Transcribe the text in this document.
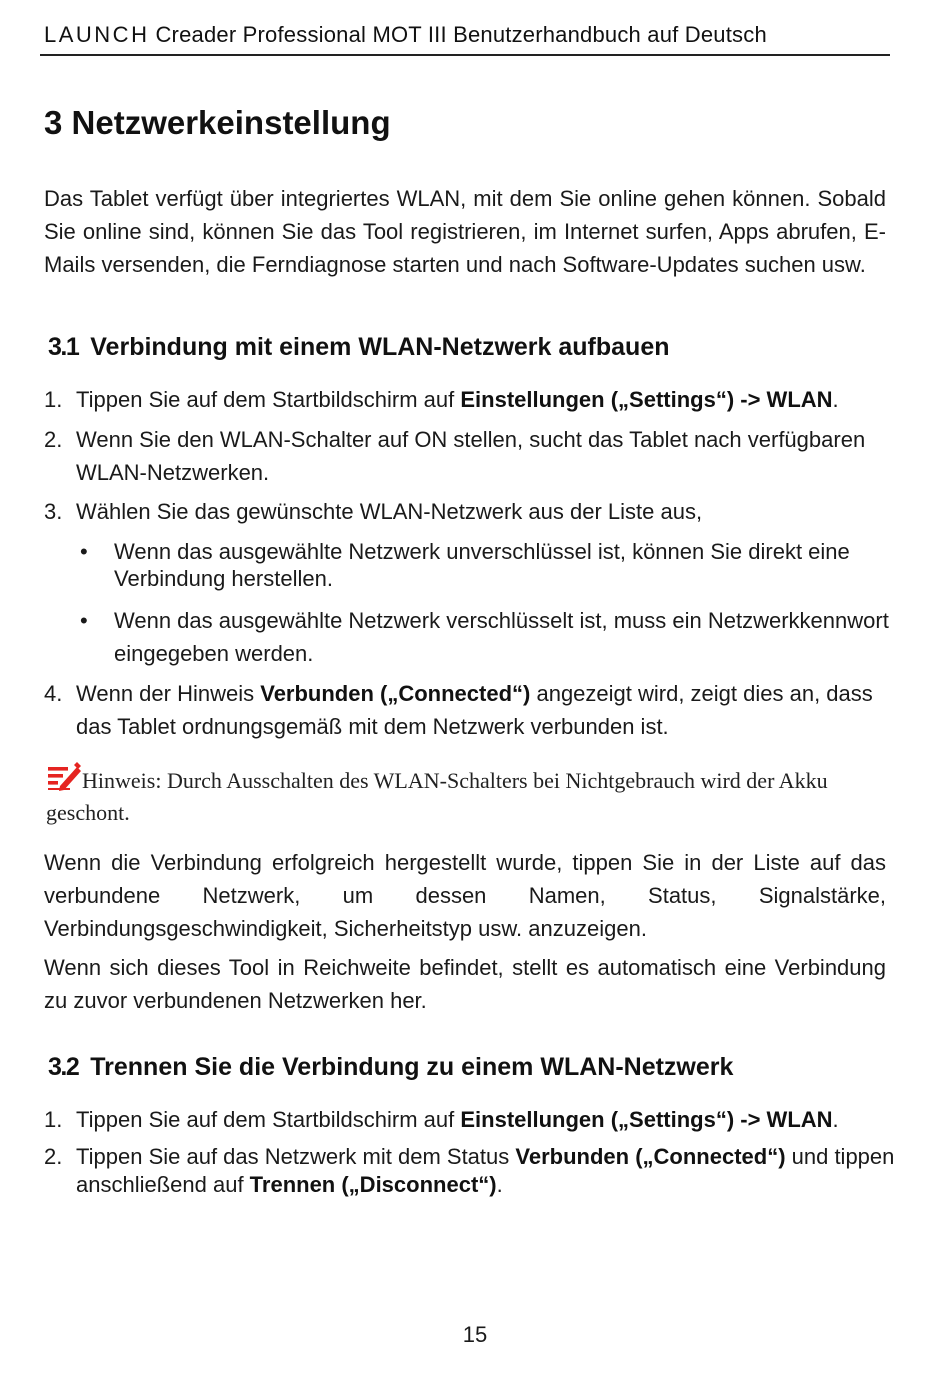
LAUNCH Creader Professional MOT III Benutzerhandbuch auf Deutsch
3 Netzwerkeinstellung

Das Tablet verfügt über integriertes WLAN, mit dem Sie online gehen können. Sobald Sie online sind, können Sie das Tool registrieren, im Internet surfen, Apps abrufen, E-Mails versenden, die Ferndiagnose starten und nach Software-Updates suchen usw.

3.1 Verbindung mit einem WLAN-Netzwerk aufbauen
1. Tippen Sie auf dem Startbildschirm auf Einstellungen („Settings“) -> WLAN.
2. Wenn Sie den WLAN-Schalter auf ON stellen, sucht das Tablet nach verfügbaren WLAN-Netzwerken.
3. Wählen Sie das gewünschte WLAN-Netzwerk aus der Liste aus,
• Wenn das ausgewählte Netzwerk unverschlüssel ist, können Sie direkt eine Verbindung herstellen.
• Wenn das ausgewählte Netzwerk verschlüsselt ist, muss ein Netzwerkkennwort eingegeben werden.
4. Wenn der Hinweis Verbunden („Connected“) angezeigt wird, zeigt dies an, dass das Tablet ordnungsgemäß mit dem Netzwerk verbunden ist.
Hinweis: Durch Ausschalten des WLAN-Schalters bei Nichtgebrauch wird der Akku geschont.

Wenn die Verbindung erfolgreich hergestellt wurde, tippen Sie in der Liste auf das verbundene Netzwerk, um dessen Namen, Status, Signalstärke, Verbindungsgeschwindigkeit, Sicherheitstyp usw. anzuzeigen.

Wenn sich dieses Tool in Reichweite befindet, stellt es automatisch eine Verbindung zu zuvor verbundenen Netzwerken her.

3.2 Trennen Sie die Verbindung zu einem WLAN-Netzwerk
1. Tippen Sie auf dem Startbildschirm auf Einstellungen („Settings“) -> WLAN.
2. Tippen Sie auf das Netzwerk mit dem Status Verbunden („Connected“) und tippen anschließend auf Trennen („Disconnect“).
15
